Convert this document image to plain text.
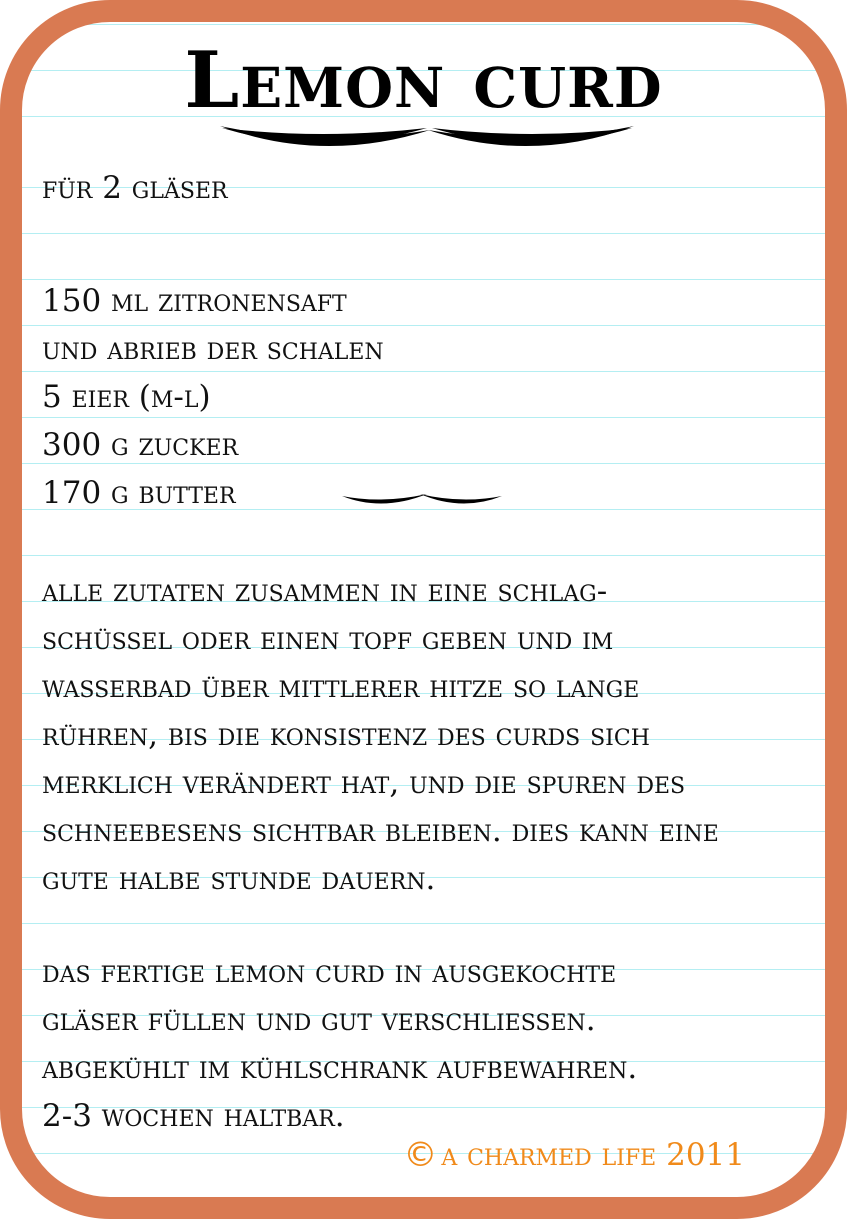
Lemon curd
für 2 gläser
150 ml zitronensaft
und abrieb der schalen
5 eier (m-l)
300 g zucker
170 g butter
alle zutaten zusammen in eine schlag-
schüssel oder einen topf geben und im
wasserbad über mittlerer hitze so lange
rühren, bis die konsistenz des curds sich
merklich verändert hat, und die spuren des
schneebesens sichtbar bleiben. dies kann eine
gute halbe stunde dauern.
das fertige lemon curd in ausgekochte
gläser füllen und gut verschliessen.
abgekühlt im kühlschrank aufbewahren.
2-3 wochen haltbar.
© a charmed life 2011
